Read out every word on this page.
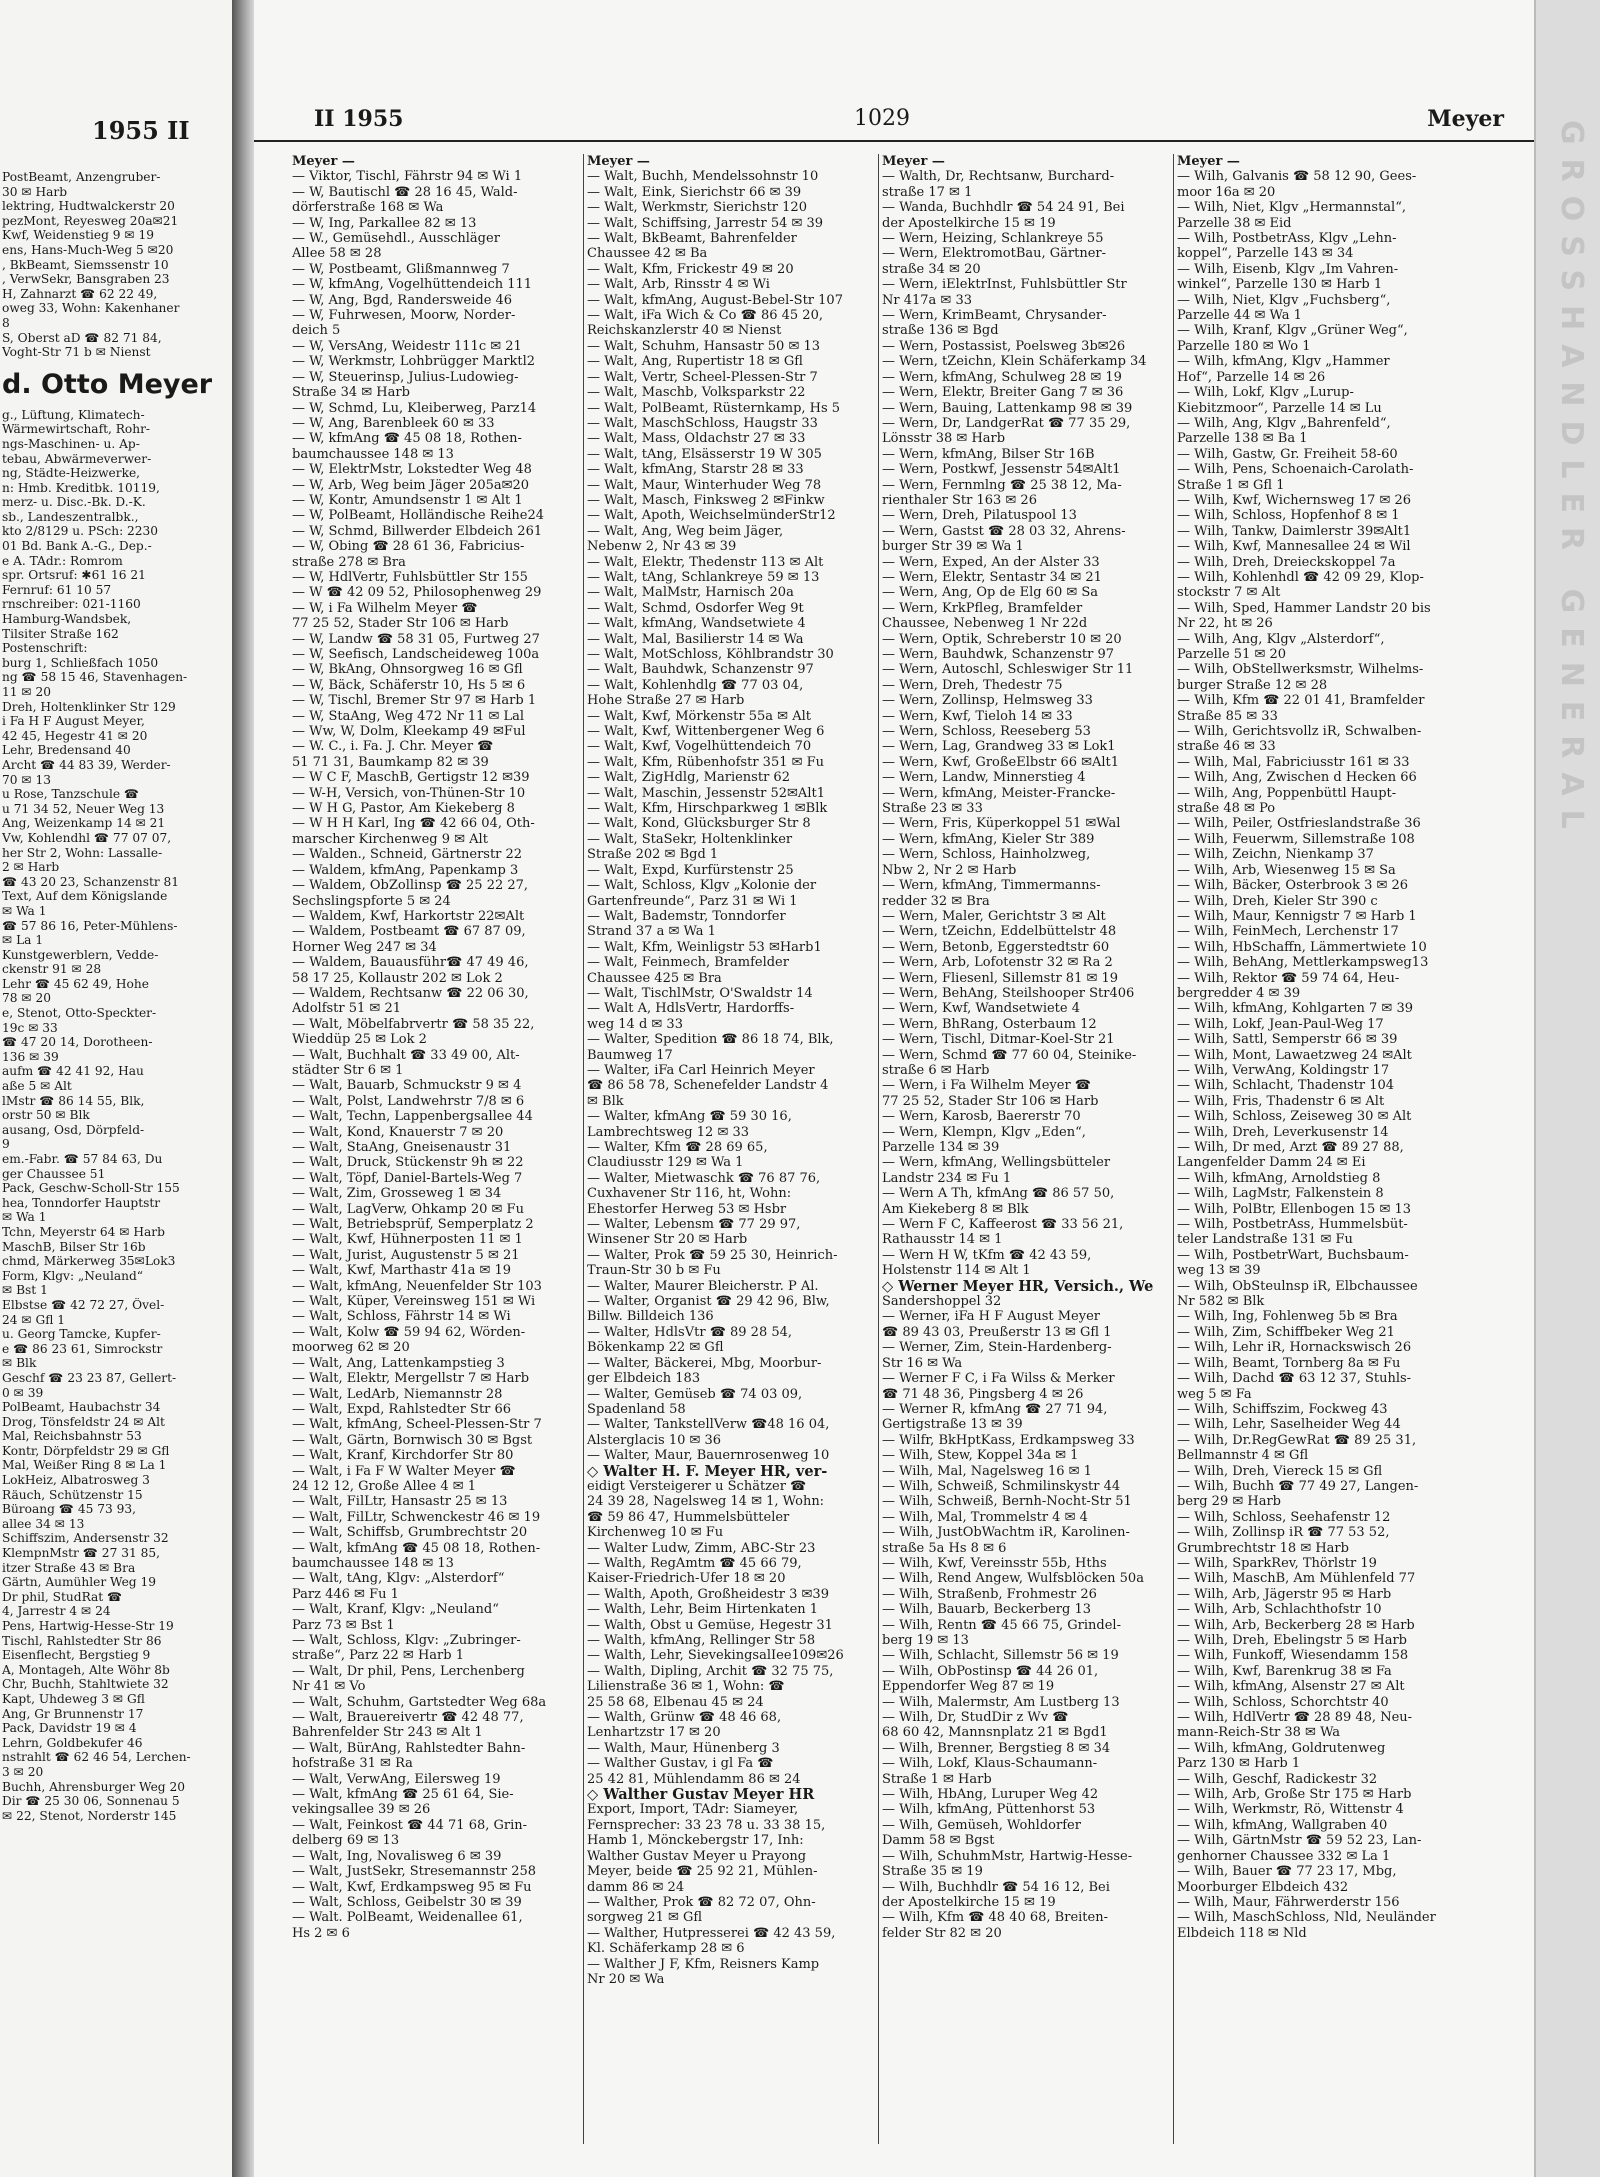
1955 II
PostBeamt, Anzengruber-
30 ✉ Harb
lektring, Hudtwalckerstr 20
pezMont, Reyesweg 20a✉21
Kwf, Weidenstieg 9 ✉ 19
ens, Hans-Much-Weg 5 ✉20
, BkBeamt, Siemssenstr 10
, VerwSekr, Bansgraben 23
H, Zahnarzt ☎ 62 22 49,
oweg 33, Wohn: Kakenhaner
8
S, Oberst aD ☎ 82 71 84,
Voght-Str 71 b ✉ Nienst
d. Otto Meyer
g., Lüftung, Klimatech-
Wärmewirtschaft, Rohr-
ngs-Maschinen- u. Ap-
tebau, Abwärmeverwer-
ng, Städte-Heizwerke,
n: Hmb. Kreditbk. 10119,
merz- u. Disc.-Bk. D.-K.
sb., Landeszentralbk.,
kto 2/8129 u. PSch: 2230
01 Bd. Bank A.-G., Dep.-
e A. TAdr.: Romrom
spr. Ortsruf: ✱61 16 21
Fernruf: 61 10 57
rnschreiber: 021-1160
Hamburg-Wandsbek,
Tilsiter Straße 162
Postenschrift:
burg 1, Schließfach 1050
ng ☎ 58 15 46, Stavenhagen-
11 ✉ 20
Dreh, Holtenklinker Str 129
i Fa H F August Meyer,
42 45, Hegestr 41 ✉ 20
Lehr, Bredensand 40
Archt ☎ 44 83 39, Werder-
70 ✉ 13
u Rose, Tanzschule ☎
u 71 34 52, Neuer Weg 13
Ang, Weizenkamp 14 ✉ 21
Vw, Kohlendhl ☎ 77 07 07,
her Str 2, Wohn: Lassalle-
2 ✉ Harb
☎ 43 20 23, Schanzenstr 81
Text, Auf dem Königslande
✉ Wa 1
☎ 57 86 16, Peter-Mühlens-
✉ La 1
Kunstgewerblern, Vedde-
ckenstr 91 ✉ 28
Lehr ☎ 45 62 49, Hohe
78 ✉ 20
e, Stenot, Otto-Speckter-
19c ✉ 33
☎ 47 20 14, Dorotheen-
136 ✉ 39
aufm ☎ 42 41 92, Hau
aße 5 ✉ Alt
lMstr ☎ 86 14 55, Blk,
orstr 50 ✉ Blk
ausang, Osd, Dörpfeld-
9
em.-Fabr. ☎ 57 84 63, Du
ger Chaussee 51
Pack, Geschw-Scholl-Str 155
hea, Tonndorfer Hauptstr
✉ Wa 1
Tchn, Meyerstr 64 ✉ Harb
MaschB, Bilser Str 16b
chmd, Märkerweg 35✉Lok3
Form, Klgv: „Neuland“
✉ Bst 1
Elbstse ☎ 42 72 27, Övel-
24 ✉ Gfl 1
u. Georg Tamcke, Kupfer-
e ☎ 86 23 61, Simrockstr
✉ Blk
Geschf ☎ 23 23 87, Gellert-
0 ✉ 39
PolBeamt, Haubachstr 34
Drog, Tönsfeldstr 24 ✉ Alt
Mal, Reichsbahnstr 53
Kontr, Dörpfeldstr 29 ✉ Gfl
Mal, Weißer Ring 8 ✉ La 1
LokHeiz, Albatrosweg 3
Räuch, Schützenstr 15
Büroang ☎ 45 73 93,
allee 34 ✉ 13
Schiffszim, Andersenstr 32
KlempnMstr ☎ 27 31 85,
itzer Straße 43 ✉ Bra
Gärtn, Aumühler Weg 19
Dr phil, StudRat ☎
4, Jarrestr 4 ✉ 24
Pens, Hartwig-Hesse-Str 19
Tischl, Rahlstedter Str 86
Eisenflecht, Bergstieg 9
A, Montageh, Alte Wöhr 8b
Chr, Buchh, Stahltwiete 32
Kapt, Uhdeweg 3 ✉ Gfl
Ang, Gr Brunnenstr 17
Pack, Davidstr 19 ✉ 4
Lehrn, Goldbekufer 46
nstrahlt ☎ 62 46 54, Lerchen-
3 ✉ 20
Buchh, Ahrensburger Weg 20
Dir ☎ 25 30 06, Sonnenau 5
✉ 22, Stenot, Norderstr 145
II 1955	1029	Meyer
Meyer —
— Viktor, Tischl, Fährstr 94 ✉ Wi 1
— W, Bautischl ☎ 28 16 45, Wald-
dörferstraße 168 ✉ Wa
— W, Ing, Parkallee 82 ✉ 13
— W., Gemüsehdl., Ausschläger
Allee 58 ✉ 28
— W, Postbeamt, Glißmannweg 7
— W, kfmAng, Vogelhüttendeich 111
— W, Ang, Bgd, Randersweide 46
— W, Fuhrwesen, Moorw, Norder-
deich 5
— W, VersAng, Weidestr 111c ✉ 21
— W, Werkmstr, Lohbrügger Marktl2
— W, Steuerinsp, Julius-Ludowieg-
Straße 34 ✉ Harb
— W, Schmd, Lu, Kleiberweg, Parz14
— W, Ang, Barenbleek 60 ✉ 33
— W, kfmAng ☎ 45 08 18, Rothen-
baumchaussee 148 ✉ 13
— W, ElektrMstr, Lokstedter Weg 48
— W, Arb, Weg beim Jäger 205a✉20
— W, Kontr, Amundsenstr 1 ✉ Alt 1
— W, PolBeamt, Holländische Reihe24
— W, Schmd, Billwerder Elbdeich 261
— W, Obing ☎ 28 61 36, Fabricius-
straße 278 ✉ Bra
— W, HdlVertr, Fuhlsbüttler Str 155
— W ☎ 42 09 52, Philosophenweg 29
— W, i Fa Wilhelm Meyer ☎
77 25 52, Stader Str 106 ✉ Harb
— W, Landw ☎ 58 31 05, Furtweg 27
— W, Seefisch, Landscheideweg 100a
— W, BkAng, Ohnsorgweg 16 ✉ Gfl
— W, Bäck, Schäferstr 10, Hs 5 ✉ 6
— W, Tischl, Bremer Str 97 ✉ Harb 1
— W, StaAng, Weg 472 Nr 11 ✉ Lal
— Ww, W, Dolm, Kleekamp 49 ✉Ful
— W. C., i. Fa. J. Chr. Meyer ☎
51 71 31, Baumkamp 82 ✉ 39
— W C F, MaschB, Gertigstr 12 ✉39
— W-H, Versich, von-Thünen-Str 10
— W H G, Pastor, Am Kiekeberg 8
— W H H Karl, Ing ☎ 42 66 04, Oth-
marscher Kirchenweg 9 ✉ Alt
— Walden., Schneid, Gärtnerstr 22
— Waldem, kfmAng, Papenkamp 3
— Waldem, ObZollinsp ☎ 25 22 27,
Sechslingspforte 5 ✉ 24
— Waldem, Kwf, Harkortstr 22✉Alt
— Waldem, Postbeamt ☎ 67 87 09,
Horner Weg 247 ✉ 34
— Waldem, Bauausführ☎ 47 49 46,
58 17 25, Kollaustr 202 ✉ Lok 2
— Waldem, Rechtsanw ☎ 22 06 30,
Adolfstr 51 ✉ 21
— Walt, Möbelfabrvertr ☎ 58 35 22,
Wieddüp 25 ✉ Lok 2
— Walt, Buchhalt ☎ 33 49 00, Alt-
städter Str 6 ✉ 1
— Walt, Bauarb, Schmuckstr 9 ✉ 4
— Walt, Polst, Landwehrstr 7/8 ✉ 6
— Walt, Techn, Lappenbergsallee 44
— Walt, Kond, Knauerstr 7 ✉ 20
— Walt, StaAng, Gneisenaustr 31
— Walt, Druck, Stückenstr 9h ✉ 22
— Walt, Töpf, Daniel-Bartels-Weg 7
— Walt, Zim, Grosseweg 1 ✉ 34
— Walt, LagVerw, Ohkamp 20 ✉ Fu
— Walt, Betriebsprüf, Semperplatz 2
— Walt, Kwf, Hühnerposten 11 ✉ 1
— Walt, Jurist, Augustenstr 5 ✉ 21
— Walt, Kwf, Marthastr 41a ✉ 19
— Walt, kfmAng, Neuenfelder Str 103
— Walt, Küper, Vereinsweg 151 ✉ Wi
— Walt, Schloss, Fährstr 14 ✉ Wi
— Walt, Kolw ☎ 59 94 62, Wörden-
moorweg 62 ✉ 20
— Walt, Ang, Lattenkampstieg 3
— Walt, Elektr, Mergellstr 7 ✉ Harb
— Walt, LedArb, Niemannstr 28
— Walt, Expd, Rahlstedter Str 66
— Walt, kfmAng, Scheel-Plessen-Str 7
— Walt, Gärtn, Bornwisch 30 ✉ Bgst
— Walt, Kranf, Kirchdorfer Str 80
— Walt, i Fa F W Walter Meyer ☎
24 12 12, Große Allee 4 ✉ 1
— Walt, FilLtr, Hansastr 25 ✉ 13
— Walt, FilLtr, Schwenckestr 46 ✉ 19
— Walt, Schiffsb, Grumbrechtstr 20
— Walt, kfmAng ☎ 45 08 18, Rothen-
baumchaussee 148 ✉ 13
— Walt, tAng, Klgv: „Alsterdorf“
Parz 446 ✉ Fu 1
— Walt, Kranf, Klgv: „Neuland“
Parz 73 ✉ Bst 1
— Walt, Schloss, Klgv: „Zubringer-
straße“, Parz 22 ✉ Harb 1
— Walt, Dr phil, Pens, Lerchenberg
Nr 41 ✉ Vo
— Walt, Schuhm, Gartstedter Weg 68a
— Walt, Brauereivertr ☎ 42 48 77,
Bahrenfelder Str 243 ✉ Alt 1
— Walt, BürAng, Rahlstedter Bahn-
hofstraße 31 ✉ Ra
— Walt, VerwAng, Eilersweg 19
— Walt, kfmAng ☎ 25 61 64, Sie-
vekingsallee 39 ✉ 26
— Walt, Feinkost ☎ 44 71 68, Grin-
delberg 69 ✉ 13
— Walt, Ing, Novalisweg 6 ✉ 39
— Walt, JustSekr, Stresemannstr 258
— Walt, Kwf, Erdkampsweg 95 ✉ Fu
— Walt, Schloss, Geibelstr 30 ✉ 39
— Walt. PolBeamt, Weidenallee 61,
Hs 2 ✉ 6
Meyer —
— Walt, Buchh, Mendelssohnstr 10
— Walt, Eink, Sierichstr 66 ✉ 39
— Walt, Werkmstr, Sierichstr 120
— Walt, Schiffsing, Jarrestr 54 ✉ 39
— Walt, BkBeamt, Bahrenfelder
Chaussee 42 ✉ Ba
— Walt, Kfm, Frickestr 49 ✉ 20
— Walt, Arb, Rinsstr 4 ✉ Wi
— Walt, kfmAng, August-Bebel-Str 107
— Walt, iFa Wich & Co ☎ 86 45 20,
Reichskanzlerstr 40 ✉ Nienst
— Walt, Schuhm, Hansastr 50 ✉ 13
— Walt, Ang, Rupertistr 18 ✉ Gfl
— Walt, Vertr, Scheel-Plessen-Str 7
— Walt, Maschb, Volksparkstr 22
— Walt, PolBeamt, Rüsternkamp, Hs 5
— Walt, MaschSchloss, Haugstr 33
— Walt, Mass, Oldachstr 27 ✉ 33
— Walt, tAng, Elsässerstr 19 W 305
— Walt, kfmAng, Starstr 28 ✉ 33
— Walt, Maur, Winterhuder Weg 78
— Walt, Masch, Finksweg 2 ✉Finkw
— Walt, Apoth, WeichselmünderStr12
— Walt, Ang, Weg beim Jäger,
Nebenw 2, Nr 43 ✉ 39
— Walt, Elektr, Thedenstr 113 ✉ Alt
— Walt, tAng, Schlankreye 59 ✉ 13
— Walt, MalMstr, Harnisch 20a
— Walt, Schmd, Osdorfer Weg 9t
— Walt, kfmAng, Wandsetwiete 4
— Walt, Mal, Basilierstr 14 ✉ Wa
— Walt, MotSchloss, Köhlbrandstr 30
— Walt, Bauhdwk, Schanzenstr 97
— Walt, Kohlenhdlg ☎ 77 03 04,
Hohe Straße 27 ✉ Harb
— Walt, Kwf, Mörkenstr 55a ✉ Alt
— Walt, Kwf, Wittenbergener Weg 6
— Walt, Kwf, Vogelhüttendeich 70
— Walt, Kfm, Rübenhofstr 351 ✉ Fu
— Walt, ZigHdlg, Marienstr 62
— Walt, Maschin, Jessenstr 52✉Alt1
— Walt, Kfm, Hirschparkweg 1 ✉Blk
— Walt, Kond, Glücksburger Str 8
— Walt, StaSekr, Holtenklinker
Straße 202 ✉ Bgd 1
— Walt, Expd, Kurfürstenstr 25
— Walt, Schloss, Klgv „Kolonie der
Gartenfreunde“, Parz 31 ✉ Wi 1
— Walt, Bademstr, Tonndorfer
Strand 37 a ✉ Wa 1
— Walt, Kfm, Weinligstr 53 ✉Harb1
— Walt, Feinmech, Bramfelder
Chaussee 425 ✉ Bra
— Walt, TischlMstr, O'Swaldstr 14
— Walt A, HdlsVertr, Hardorffs-
weg 14 d ✉ 33
— Walter, Spedition ☎ 86 18 74, Blk,
Baumweg 17
— Walter, iFa Carl Heinrich Meyer
☎ 86 58 78, Schenefelder Landstr 4
✉ Blk
— Walter, kfmAng ☎ 59 30 16,
Lambrechtsweg 12 ✉ 33
— Walter, Kfm ☎ 28 69 65,
Claudiusstr 129 ✉ Wa 1
— Walter, Mietwaschk ☎ 76 87 76,
Cuxhavener Str 116, ht, Wohn:
Ehestorfer Herweg 53 ✉ Hsbr
— Walter, Lebensm ☎ 77 29 97,
Winsener Str 20 ✉ Harb
— Walter, Prok ☎ 59 25 30, Heinrich-
Traun-Str 30 b ✉ Fu
— Walter, Maurer Bleicherstr. P Al.
— Walter, Organist ☎ 29 42 96, Blw,
Billw. Billdeich 136
— Walter, HdlsVtr ☎ 89 28 54,
Bökenkamp 22 ✉ Gfl
— Walter, Bäckerei, Mbg, Moorbur-
ger Elbdeich 183
— Walter, Gemüseb ☎ 74 03 09,
Spadenland 58
— Walter, TankstellVerw ☎48 16 04,
Alsterglacis 10 ✉ 36
— Walter, Maur, Bauernrosenweg 10
◇ Walter H. F. Meyer HR, ver-
eidigt Versteigerer u Schätzer ☎
24 39 28, Nagelsweg 14 ✉ 1, Wohn:
☎ 59 86 47, Hummelsbütteler
Kirchenweg 10 ✉ Fu
— Walter Ludw, Zimm, ABC-Str 23
— Walth, RegAmtm ☎ 45 66 79,
Kaiser-Friedrich-Ufer 18 ✉ 20
— Walth, Apoth, Großheidestr 3 ✉39
— Walth, Lehr, Beim Hirtenkaten 1
— Walth, Obst u Gemüse, Hegestr 31
— Walth, kfmAng, Rellinger Str 58
— Walth, Lehr, SievekingsalIee109✉26
— Walth, Dipling, Archit ☎ 32 75 75,
Lilienstraße 36 ✉ 1, Wohn: ☎
25 58 68, Elbenau 45 ✉ 24
— Walth, Grünw ☎ 48 46 68,
Lenhartzstr 17 ✉ 20
— Walth, Maur, Hünenberg 3
— Walther Gustav, i gl Fa ☎
25 42 81, Mühlendamm 86 ✉ 24
◇ Walther Gustav Meyer HR
Export, Import, TAdr: Siameyer,
Fernsprecher: 33 23 78 u. 33 38 15,
Hamb 1, Mönckebergstr 17, Inh:
Walther Gustav Meyer u Prayong
Meyer, beide ☎ 25 92 21, Mühlen-
damm 86 ✉ 24
— Walther, Prok ☎ 82 72 07, Ohn-
sorgweg 21 ✉ Gfl
— Walther, Hutpresserei ☎ 42 43 59,
Kl. Schäferkamp 28 ✉ 6
— Walther J F, Kfm, Reisners Kamp
Nr 20 ✉ Wa
Meyer —
— Walth, Dr, Rechtsanw, Burchard-
straße 17 ✉ 1
— Wanda, Buchhdlr ☎ 54 24 91, Bei
der Apostelkirche 15 ✉ 19
— Wern, Heizing, Schlankreye 55
— Wern, ElektromotBau, Gärtner-
straße 34 ✉ 20
— Wern, iElektrInst, Fuhlsbüttler Str
Nr 417a ✉ 33
— Wern, KrimBeamt, Chrysander-
straße 136 ✉ Bgd
— Wern, Postassist, Poelsweg 3b✉26
— Wern, tZeichn, Klein Schäferkamp 34
— Wern, kfmAng, Schulweg 28 ✉ 19
— Wern, Elektr, Breiter Gang 7 ✉ 36
— Wern, Bauing, Lattenkamp 98 ✉ 39
— Wern, Dr, LandgerRat ☎ 77 35 29,
Lönsstr 38 ✉ Harb
— Wern, kfmAng, Bilser Str 16B
— Wern, Postkwf, Jessenstr 54✉Alt1
— Wern, Fernmlng ☎ 25 38 12, Ma-
rienthaler Str 163 ✉ 26
— Wern, Dreh, Pilatuspool 13
— Wern, Gastst ☎ 28 03 32, Ahrens-
burger Str 39 ✉ Wa 1
— Wern, Exped, An der Alster 33
— Wern, Elektr, Sentastr 34 ✉ 21
— Wern, Ang, Op de Elg 60 ✉ Sa
— Wern, KrkPfleg, Bramfelder
Chaussee, Nebenweg 1 Nr 22d
— Wern, Optik, Schreberstr 10 ✉ 20
— Wern, Bauhdwk, Schanzenstr 97
— Wern, Autoschl, Schleswiger Str 11
— Wern, Dreh, Thedestr 75
— Wern, Zollinsp, Helmsweg 33
— Wern, Kwf, Tieloh 14 ✉ 33
— Wern, Schloss, Reeseberg 53
— Wern, Lag, Grandweg 33 ✉ Lok1
— Wern, Kwf, GroßeElbstr 66 ✉Alt1
— Wern, Landw, Minnerstieg 4
— Wern, kfmAng, Meister-Francke-
Straße 23 ✉ 33
— Wern, Fris, Küperkoppel 51 ✉Wal
— Wern, kfmAng, Kieler Str 389
— Wern, Schloss, Hainholzweg,
Nbw 2, Nr 2 ✉ Harb
— Wern, kfmAng, Timmermanns-
redder 32 ✉ Bra
— Wern, Maler, Gerichtstr 3 ✉ Alt
— Wern, tZeichn, Eddelbüttelstr 48
— Wern, Betonb, Eggerstedtstr 60
— Wern, Arb, Lofotenstr 32 ✉ Ra 2
— Wern, Fliesenl, Sillemstr 81 ✉ 19
— Wern, BehAng, Steilshooper Str406
— Wern, Kwf, Wandsetwiete 4
— Wern, BhRang, Osterbaum 12
— Wern, Tischl, Ditmar-Koel-Str 21
— Wern, Schmd ☎ 77 60 04, Steinike-
straße 6 ✉ Harb
— Wern, i Fa Wilhelm Meyer ☎
77 25 52, Stader Str 106 ✉ Harb
— Wern, Karosb, Baererstr 70
— Wern, Klempn, Klgv „Eden“,
Parzelle 134 ✉ 39
— Wern, kfmAng, Wellingsbütteler
Landstr 234 ✉ Fu 1
— Wern A Th, kfmAng ☎ 86 57 50,
Am Kiekeberg 8 ✉ Blk
— Wern F C, Kaffeerost ☎ 33 56 21,
Rathausstr 14 ✉ 1
— Wern H W, tKfm ☎ 42 43 59,
Holstenstr 114 ✉ Alt 1
◇ Werner Meyer HR, Versich., We
Sandershoppel 32
— Werner, iFa H F August Meyer
☎ 89 43 03, Preußerstr 13 ✉ Gfl 1
— Werner, Zim, Stein-Hardenberg-
Str 16 ✉ Wa
— Werner F C, i Fa Wilss & Merker
☎ 71 48 36, Pingsberg 4 ✉ 26
— Werner R, kfmAng ☎ 27 71 94,
Gertigstraße 13 ✉ 39
— Wilfr, BkHptKass, Erdkampsweg 33
— Wilh, Stew, Koppel 34a ✉ 1
— Wilh, Mal, Nagelsweg 16 ✉ 1
— Wilh, Schweiß, Schmilinskystr 44
— Wilh, Schweiß, Bernh-Nocht-Str 51
— Wilh, Mal, Trommelstr 4 ✉ 4
— Wilh, JustObWachtm iR, Karolinen-
straße 5a Hs 8 ✉ 6
— Wilh, Kwf, Vereinsstr 55b, Hths
— Wilh, Rend Angew, Wulfsblöcken 50a
— Wilh, Straßenb, Frohmestr 26
— Wilh, Bauarb, Beckerberg 13
— Wilh, Rentn ☎ 45 66 75, Grindel-
berg 19 ✉ 13
— Wilh, Schlacht, Sillemstr 56 ✉ 19
— Wilh, ObPostinsp ☎ 44 26 01,
Eppendorfer Weg 87 ✉ 19
— Wilh, Malermstr, Am Lustberg 13
— Wilh, Dr, StudDir z Wv ☎
68 60 42, Mannsnplatz 21 ✉ Bgd1
— Wilh, Brenner, Bergstieg 8 ✉ 34
— Wilh, Lokf, Klaus-Schaumann-
Straße 1 ✉ Harb
— Wilh, HbAng, Luruper Weg 42
— Wilh, kfmAng, Püttenhorst 53
— Wilh, Gemüseh, Wohldorfer
Damm 58 ✉ Bgst
— Wilh, SchuhmMstr, Hartwig-Hesse-
Straße 35 ✉ 19
— Wilh, Buchhdlr ☎ 54 16 12, Bei
der Apostelkirche 15 ✉ 19
— Wilh, Kfm ☎ 48 40 68, Breiten-
felder Str 82 ✉ 20
Meyer —
— Wilh, Galvanis ☎ 58 12 90, Gees-
moor 16a ✉ 20
— Wilh, Niet, Klgv „Hermannstal“,
Parzelle 38 ✉ Eid
— Wilh, PostbetrAss, Klgv „Lehn-
koppel“, Parzelle 143 ✉ 34
— Wilh, Eisenb, Klgv „Im Vahren-
winkel“, Parzelle 130 ✉ Harb 1
— Wilh, Niet, Klgv „Fuchsberg“,
Parzelle 44 ✉ Wa 1
— Wilh, Kranf, Klgv „Grüner Weg“,
Parzelle 180 ✉ Wo 1
— Wilh, kfmAng, Klgv „Hammer
Hof“, Parzelle 14 ✉ 26
— Wilh, Lokf, Klgv „Lurup-
Kiebitzmoor“, Parzelle 14 ✉ Lu
— Wilh, Ang, Klgv „Bahrenfeld“,
Parzelle 138 ✉ Ba 1
— Wilh, Gastw, Gr. Freiheit 58-60
— Wilh, Pens, Schoenaich-Carolath-
Straße 1 ✉ Gfl 1
— Wilh, Kwf, Wichernsweg 17 ✉ 26
— Wilh, Schloss, Hopfenhof 8 ✉ 1
— Wilh, Tankw, Daimlerstr 39✉Alt1
— Wilh, Kwf, Mannesallee 24 ✉ Wil
— Wilh, Dreh, Dreieckskoppel 7a
— Wilh, Kohlenhdl ☎ 42 09 29, Klop-
stockstr 7 ✉ Alt
— Wilh, Sped, Hammer Landstr 20 bis
Nr 22, ht ✉ 26
— Wilh, Ang, Klgv „Alsterdorf“,
Parzelle 51 ✉ 20
— Wilh, ObStellwerksmstr, Wilhelms-
burger Straße 12 ✉ 28
— Wilh, Kfm ☎ 22 01 41, Bramfelder
Straße 85 ✉ 33
— Wilh, Gerichtsvollz iR, Schwalben-
straße 46 ✉ 33
— Wilh, Mal, Fabriciusstr 161 ✉ 33
— Wilh, Ang, Zwischen d Hecken 66
— Wilh, Ang, Poppenbüttl Haupt-
straße 48 ✉ Po
— Wilh, Peiler, Ostfrieslandstraße 36
— Wilh, Feuerwm, Sillemstraße 108
— Wilh, Zeichn, Nienkamp 37
— Wilh, Arb, Wiesenweg 15 ✉ Sa
— Wilh, Bäcker, Osterbrook 3 ✉ 26
— Wilh, Dreh, Kieler Str 390 c
— Wilh, Maur, Kennigstr 7 ✉ Harb 1
— Wilh, FeinMech, Lerchenstr 17
— Wilh, HbSchaffn, Lämmertwiete 10
— Wilh, BehAng, Mettlerkampsweg13
— Wilh, Rektor ☎ 59 74 64, Heu-
bergredder 4 ✉ 39
— Wilh, kfmAng, Kohlgarten 7 ✉ 39
— Wilh, Lokf, Jean-Paul-Weg 17
— Wilh, Sattl, Semperstr 66 ✉ 39
— Wilh, Mont, Lawaetzweg 24 ✉Alt
— Wilh, VerwAng, Koldingstr 17
— Wilh, Schlacht, Thadenstr 104
— Wilh, Fris, Thadenstr 6 ✉ Alt
— Wilh, Schloss, Zeiseweg 30 ✉ Alt
— Wilh, Dreh, Leverkusenstr 14
— Wilh, Dr med, Arzt ☎ 89 27 88,
Langenfelder Damm 24 ✉ Ei
— Wilh, kfmAng, Arnoldstieg 8
— Wilh, LagMstr, Falkenstein 8
— Wilh, PolBtr, Ellenbogen 15 ✉ 13
— Wilh, PostbetrAss, Hummelsbüt-
teler Landstraße 131 ✉ Fu
— Wilh, PostbetrWart, Buchsbaum-
weg 13 ✉ 39
— Wilh, ObSteulnsp iR, Elbchaussee
Nr 582 ✉ Blk
— Wilh, Ing, Fohlenweg 5b ✉ Bra
— Wilh, Zim, Schiffbeker Weg 21
— Wilh, Lehr iR, Hornackswisch 26
— Wilh, Beamt, Tornberg 8a ✉ Fu
— Wilh, Dachd ☎ 63 12 37, Stuhls-
weg 5 ✉ Fa
— Wilh, Schiffszim, Fockweg 43
— Wilh, Lehr, Saselheider Weg 44
— Wilh, Dr.RegGewRat ☎ 89 25 31,
Bellmannstr 4 ✉ Gfl
— Wilh, Dreh, Viereck 15 ✉ Gfl
— Wilh, Buchh ☎ 77 49 27, Langen-
berg 29 ✉ Harb
— Wilh, Schloss, Seehafenstr 12
— Wilh, Zollinsp iR ☎ 77 53 52,
Grumbrechtstr 18 ✉ Harb
— Wilh, SparkRev, Thörlstr 19
— Wilh, MaschB, Am Mühlenfeld 77
— Wilh, Arb, Jägerstr 95 ✉ Harb
— Wilh, Arb, Schlachthofstr 10
— Wilh, Arb, Beckerberg 28 ✉ Harb
— Wilh, Dreh, Ebelingstr 5 ✉ Harb
— Wilh, Funkoff, Wiesendamm 158
— Wilh, Kwf, Barenkrug 38 ✉ Fa
— Wilh, kfmAng, Alsenstr 27 ✉ Alt
— Wilh, Schloss, Schorchtstr 40
— Wilh, HdlVertr ☎ 28 89 48, Neu-
mann-Reich-Str 38 ✉ Wa
— Wilh, kfmAng, Goldrutenweg
Parz 130 ✉ Harb 1
— Wilh, Geschf, Radickestr 32
— Wilh, Arb, Große Str 175 ✉ Harb
— Wilh, Werkmstr, Rö, Wittenstr 4
— Wilh, kfmAng, Wallgraben 40
— Wilh, GärtnMstr ☎ 59 52 23, Lan-
genhorner Chaussee 332 ✉ La 1
— Wilh, Bauer ☎ 77 23 17, Mbg,
Moorburger Elbdeich 432
— Wilh, Maur, Fährwerderstr 156
— Wilh, MaschSchloss, Nld, Neuländer
Elbdeich 118 ✉ Nld
GROSSHANDLER GENERAL
